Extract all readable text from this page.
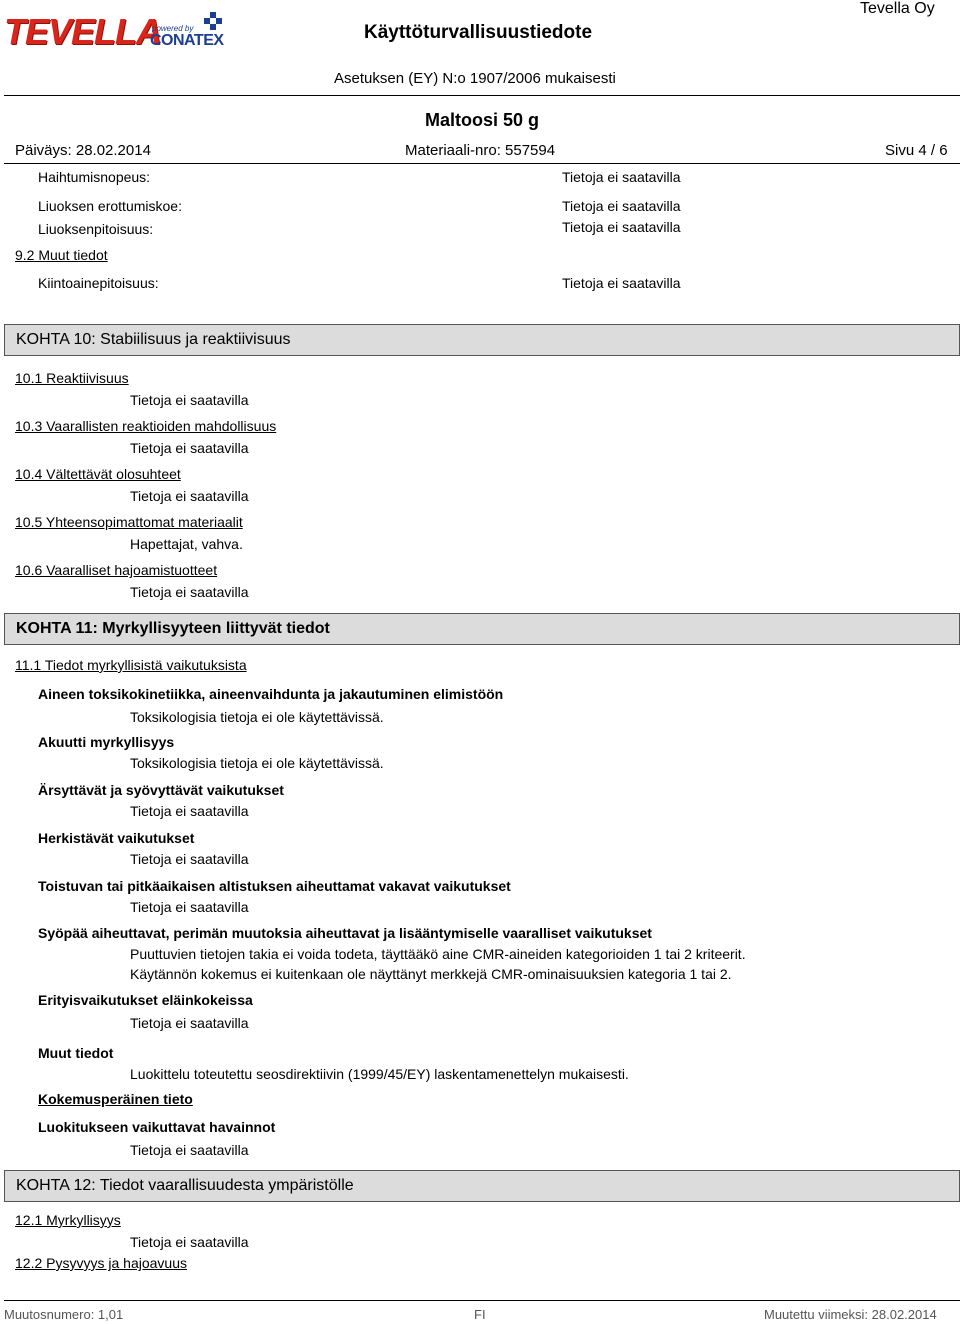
TEVELLA
powered by
CONATEX	Käyttöturvallisuustiedote
Tevella Oy
Asetuksen (EY) N:o 1907/2006 mukaisesti
Maltoosi 50 g
Päiväys: 28.02.2014	Materiaali-nro: 557594	Sivu 4 / 6
Haihtumisnopeus:	Tietoja ei saatavilla
Liuoksen erottumiskoe:	Tietoja ei saatavilla
Liuoksenpitoisuus:	Tietoja ei saatavilla
9.2 Muut tiedot
Kiintoainepitoisuus:	Tietoja ei saatavilla
KOHTA 10: Stabiilisuus ja reaktiivisuus
10.1 Reaktiivisuus
Tietoja ei saatavilla
10.3 Vaarallisten reaktioiden mahdollisuus
Tietoja ei saatavilla
10.4 Vältettävät olosuhteet
Tietoja ei saatavilla
10.5 Yhteensopimattomat materiaalit
Hapettajat, vahva.
10.6 Vaaralliset hajoamistuotteet
Tietoja ei saatavilla
KOHTA 11: Myrkyllisyyteen liittyvät tiedot
11.1 Tiedot myrkyllisistä vaikutuksista
Aineen toksikokinetiikka, aineenvaihdunta ja jakautuminen elimistöön
Toksikologisia tietoja ei ole käytettävissä.
Akuutti myrkyllisyys
Toksikologisia tietoja ei ole käytettävissä.
Ärsyttävät ja syövyttävät vaikutukset
Tietoja ei saatavilla
Herkistävät vaikutukset
Tietoja ei saatavilla
Toistuvan tai pitkäaikaisen altistuksen aiheuttamat vakavat vaikutukset
Tietoja ei saatavilla
Syöpää aiheuttavat, perimän muutoksia aiheuttavat ja lisääntymiselle vaaralliset vaikutukset
Puuttuvien tietojen takia ei voida todeta, täyttääkö aine CMR-aineiden kategorioiden 1 tai 2 kriteerit.
Käytännön kokemus ei kuitenkaan ole näyttänyt merkkejä CMR-ominaisuuksien kategoria 1 tai 2.
Erityisvaikutukset eläinkokeissa
Tietoja ei saatavilla
Muut tiedot
Luokittelu toteutettu seosdirektiivin (1999/45/EY) laskentamenettelyn mukaisesti.
Kokemusperäinen tieto
Luokitukseen vaikuttavat havainnot
Tietoja ei saatavilla
KOHTA 12: Tiedot vaarallisuudesta ympäristölle
12.1 Myrkyllisyys
Tietoja ei saatavilla
12.2 Pysyvyys ja hajoavuus
Muutosnumero: 1,01	FI	Muutettu viimeksi: 28.02.2014
